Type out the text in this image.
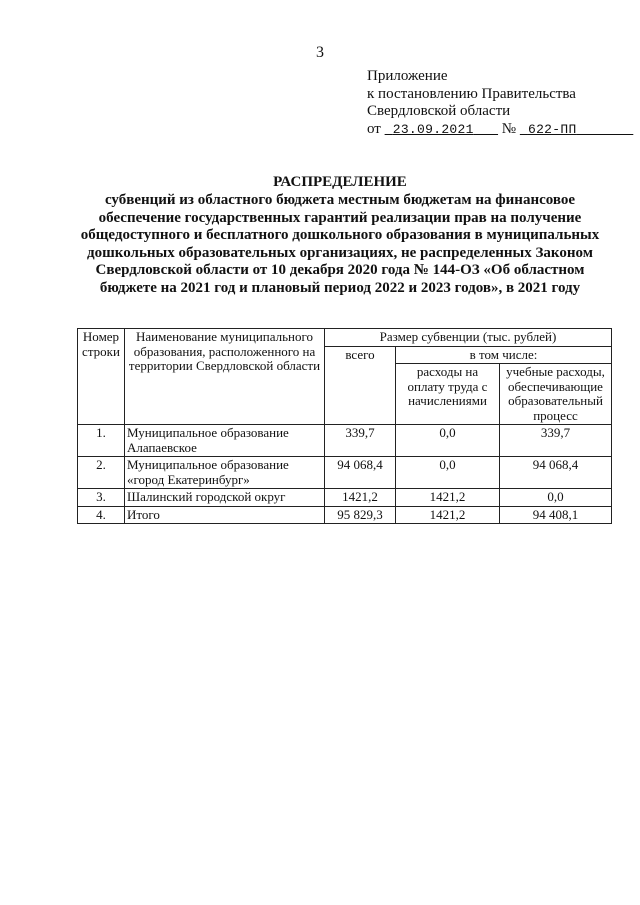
3
Приложение
к постановлению Правительства
Свердловской области
от 23.09.2021 № 622-ПП
РАСПРЕДЕЛЕНИЕ
субвенций из областного бюджета местным бюджетам на финансовое
обеспечение государственных гарантий реализации прав на получение
общедоступного и бесплатного дошкольного образования в муниципальных
дошкольных образовательных организациях, не распределенных Законом
Свердловской области от 10 декабря 2020 года № 144-ОЗ «Об областном
бюджете на 2021 год и плановый период 2022 и 2023 годов», в 2021 году
Номер строки	Наименование муниципального образования, расположенного на территории Свердловской области	Размер субвенции (тыс. рублей)		
		всего	в том числе:	
			расходы на оплату труда с начислениями	учебные расходы, обеспечивающие образовательный процесс
1.	Муниципальное образование Алапаевское	339,7	0,0	339,7
2.	Муниципальное образование «город Екатеринбург»	94 068,4	0,0	94 068,4
3.	Шалинский городской округ	1421,2	1421,2	0,0
4.	Итого	95 829,3	1421,2	94 408,1
